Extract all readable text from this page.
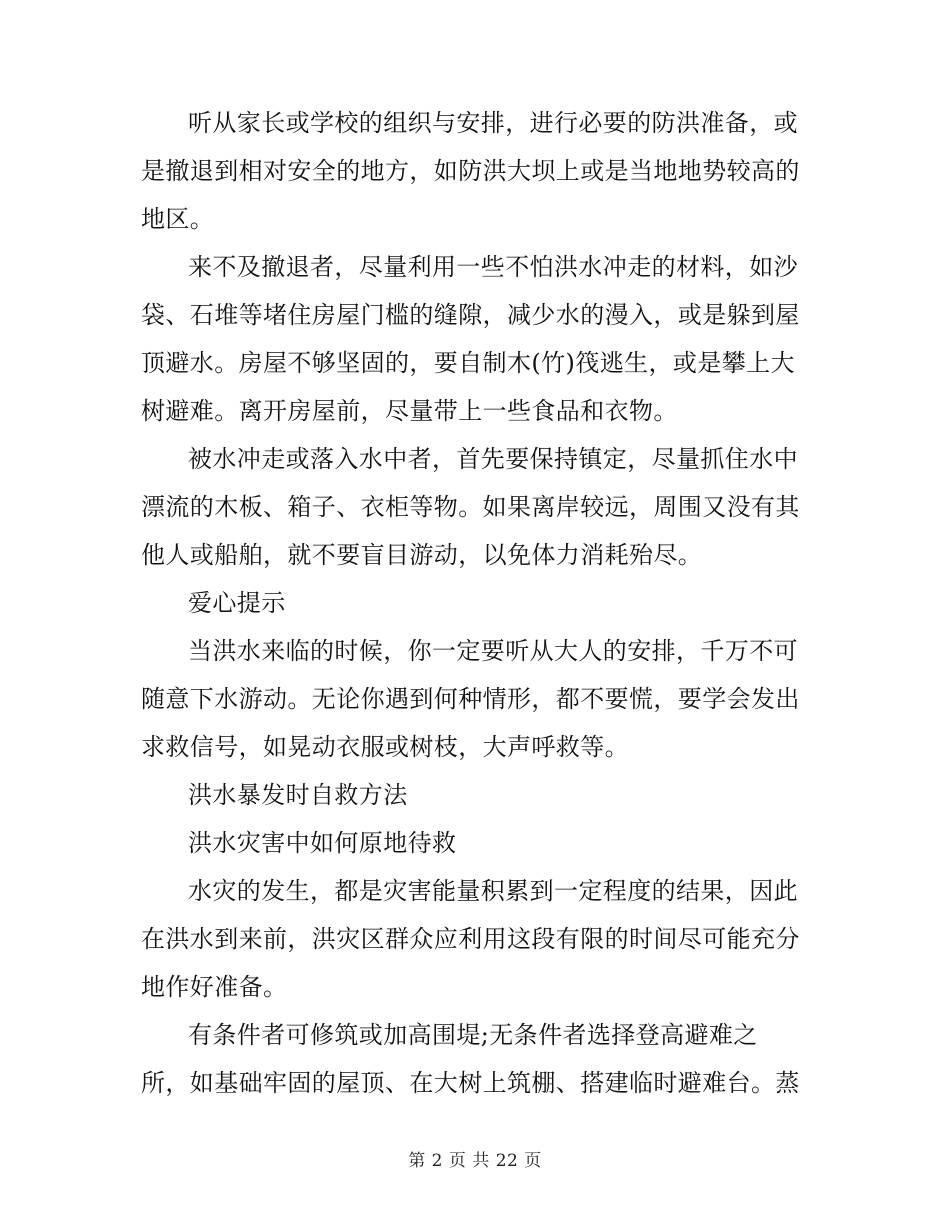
听从家长或学校的组织与安排，进行必要的防洪准备，或

是撤退到相对安全的地方，如防洪大坝上或是当地地势较高的

地区。

来不及撤退者，尽量利用一些不怕洪水冲走的材料，如沙

袋、石堆等堵住房屋门槛的缝隙，减少水的漫入，或是躲到屋

顶避水。房屋不够坚固的，要自制木(竹)筏逃生，或是攀上大

树避难。离开房屋前，尽量带上一些食品和衣物。

被水冲走或落入水中者，首先要保持镇定，尽量抓住水中

漂流的木板、箱子、衣柜等物。如果离岸较远，周围又没有其

他人或船舶，就不要盲目游动，以免体力消耗殆尽。

爱心提示

当洪水来临的时候，你一定要听从大人的安排，千万不可

随意下水游动。无论你遇到何种情形，都不要慌，要学会发出

求救信号，如晃动衣服或树枝，大声呼救等。

洪水暴发时自救方法

洪水灾害中如何原地待救

水灾的发生，都是灾害能量积累到一定程度的结果，因此

在洪水到来前，洪灾区群众应利用这段有限的时间尽可能充分

地作好准备。

有条件者可修筑或加高围堤;无条件者选择登高避难之

所，如基础牢固的屋顶、在大树上筑棚、搭建临时避难台。蒸

第 2 页 共 22 页
